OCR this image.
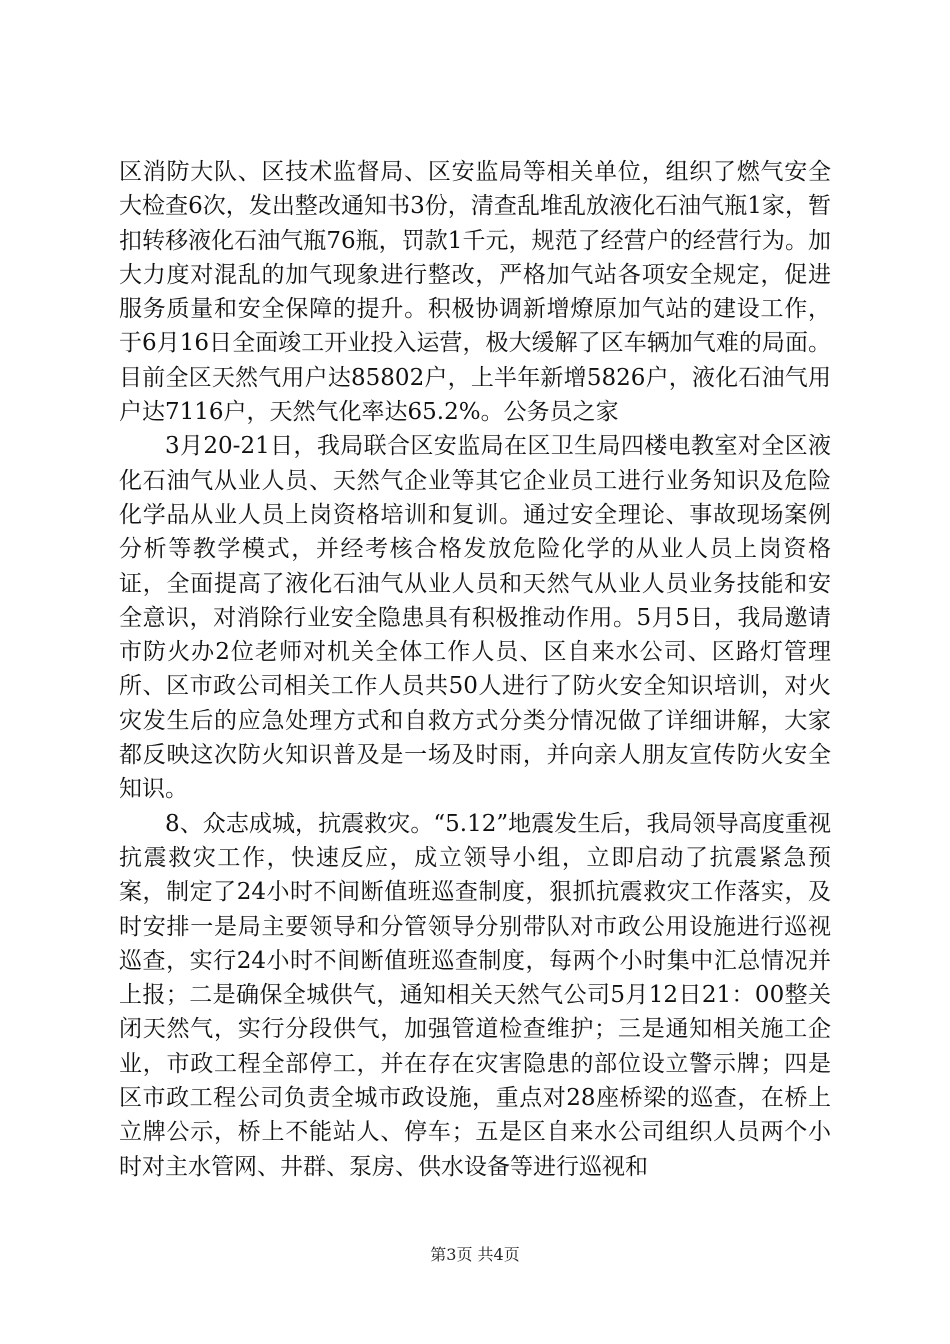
区消防大队、区技术监督局、区安监局等相关单位，组织了燃气安全大检查6次，发出整改通知书3份，清查乱堆乱放液化石油气瓶1家，暂扣转移液化石油气瓶76瓶，罚款1千元，规范了经营户的经营行为。加大力度对混乱的加气现象进行整改，严格加气站各项安全规定，促进服务质量和安全保障的提升。积极协调新增燎原加气站的建设工作，于6月16日全面竣工开业投入运营，极大缓解了区车辆加气难的局面。目前全区天然气用户达85802户，上半年新增5826户，液化石油气用户达7116户，天然气化率达65.2%。公务员之家

3月20-21日，我局联合区安监局在区卫生局四楼电教室对全区液化石油气从业人员、天然气企业等其它企业员工进行业务知识及危险化学品从业人员上岗资格培训和复训。通过安全理论、事故现场案例分析等教学模式，并经考核合格发放危险化学的从业人员上岗资格证，全面提高了液化石油气从业人员和天然气从业人员业务技能和安全意识，对消除行业安全隐患具有积极推动作用。5月5日，我局邀请市防火办2位老师对机关全体工作人员、区自来水公司、区路灯管理所、区市政公司相关工作人员共50人进行了防火安全知识培训，对火灾发生后的应急处理方式和自救方式分类分情况做了详细讲解，大家都反映这次防火知识普及是一场及时雨，并向亲人朋友宣传防火安全知识。

8、众志成城，抗震救灾。“5.12”地震发生后，我局领导高度重视抗震救灾工作，快速反应，成立领导小组，立即启动了抗震紧急预案，制定了24小时不间断值班巡查制度，狠抓抗震救灾工作落实，及时安排一是局主要领导和分管领导分别带队对市政公用设施进行巡视巡查，实行24小时不间断值班巡查制度，每两个小时集中汇总情况并上报；二是确保全城供气，通知相关天然气公司5月12日21：00整关闭天然气，实行分段供气，加强管道检查维护；三是通知相关施工企业，市政工程全部停工，并在存在灾害隐患的部位设立警示牌；四是区市政工程公司负责全城市政设施，重点对28座桥梁的巡查，在桥上立牌公示，桥上不能站人、停车；五是区自来水公司组织人员两个小时对主水管网、井群、泵房、供水设备等进行巡视和

第3页 共4页
